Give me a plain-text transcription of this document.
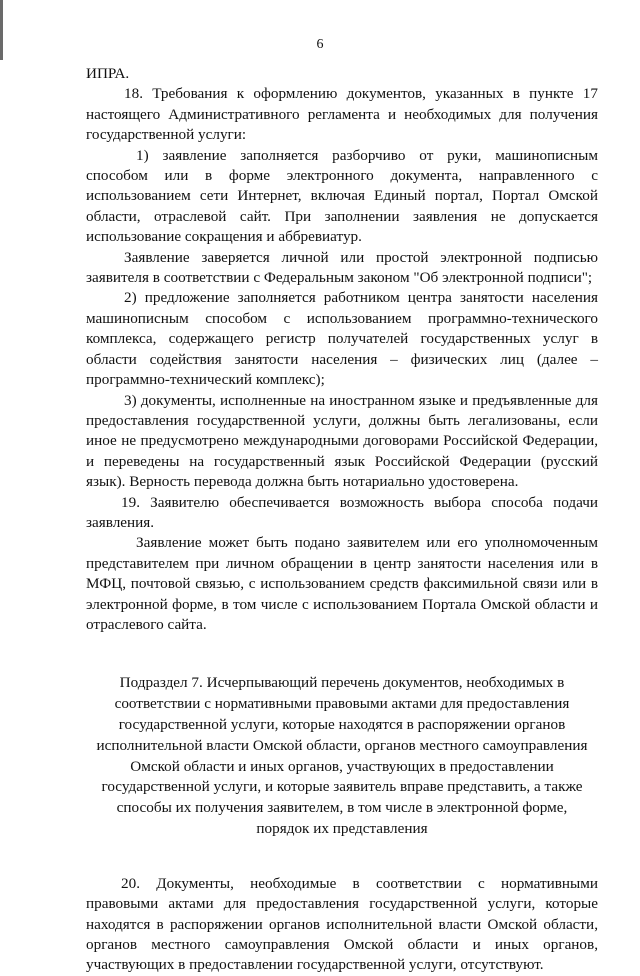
6

ИПРА.

18. Требования к оформлению документов, указанных в пункте 17 настоящего Административного регламента и необходимых для получения государственной услуги:

1) заявление заполняется разборчиво от руки, машинописным способом или в форме электронного документа, направленного с использованием сети Интернет, включая Единый портал, Портал Омской области, отраслевой сайт. При заполнении заявления не допускается использование сокращения и аббревиатур.

Заявление заверяется личной или простой электронной подписью заявителя в соответствии с Федеральным законом "Об электронной подписи";

2) предложение заполняется работником центра занятости населения машинописным способом с использованием программно-технического комплекса, содержащего регистр получателей государственных услуг в области содействия занятости населения – физических лиц (далее – программно-технический комплекс);

3) документы, исполненные на иностранном языке и предъявленные для предоставления государственной услуги, должны быть легализованы, если иное не предусмотрено международными договорами Российской Федерации, и переведены на государственный язык Российской Федерации (русский язык). Верность перевода должна быть нотариально удостоверена.

19. Заявителю обеспечивается возможность выбора способа подачи заявления.

Заявление может быть подано заявителем или его уполномоченным представителем при личном обращении в центр занятости населения или в МФЦ, почтовой связью, с использованием средств факсимильной связи или в электронной форме, в том числе с использованием Портала Омской области и отраслевого сайта.

Подраздел 7. Исчерпывающий перечень документов, необходимых в соответствии с нормативными правовыми актами для предоставления государственной услуги, которые находятся в распоряжении органов исполнительной власти Омской области, органов местного самоуправления Омской области и иных органов, участвующих в предоставлении государственной услуги, и которые заявитель вправе представить, а также способы их получения заявителем, в том числе в электронной форме, порядок их представления

20. Документы, необходимые в соответствии с нормативными правовыми актами для предоставления государственной услуги, которые находятся в распоряжении органов исполнительной власти Омской области, органов местного самоуправления Омской области и иных органов, участвующих в предоставлении государственной услуги, отсутствуют.
